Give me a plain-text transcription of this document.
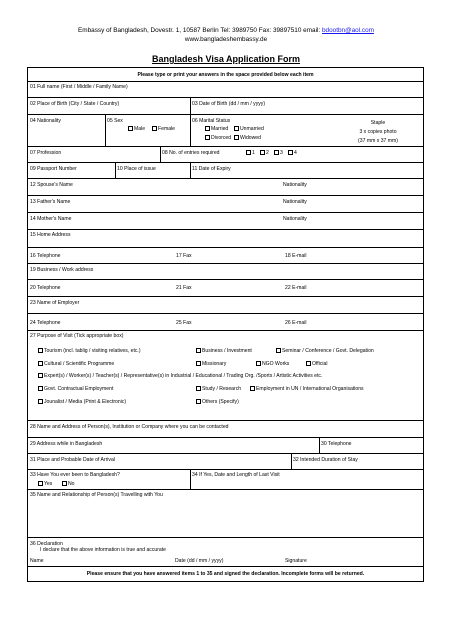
Embassy of Bangladesh, Dovestr. 1, 10587 Berlin Tel: 3989750 Fax: 39897510 email: bdootbn@aol.com
www.bangladeshembassy.de
Bangladesh Visa Application Form
Please type or print your answers in the space provided below each item
01 Full name (First / Middle / Family Name)
02 Place of Birth (City / State / Country)	03 Date of Birth (dd / mm / yyyy)
04 Nationality	05 Sex
Male	Female
06 Marital Status
Married	Unmarried
Divorced	Widowed
Staple
3 x copies photo
(37 mm x 37 mm)
07 Profession	08 No. of entries required	1	2	3	4
09 Passport Number	10 Place of issue	11 Date of Expiry
12 Spouse's Name	Nationality
13 Father's Name	Nationality
14 Mother's Name	Nationality
15 Home Address
16 Telephone	17 Fax	18 E-mail
19 Business / Work address
20 Telephone	21 Fax	22 E-mail
23 Name of Employer
24 Telephone	25 Fax	26 E-mail
27 Purpose of Visit (Tick appropriate box)
Tourism (incl. tablig / visiting relatives, etc.)	Business / Investment	Seminar / Conference / Govt. Delegation
Cultural / Scientific Programme	Missionary	NGO Works	Official
Expert(s) / Worker(s) / Teacher(s) / Representative(s) in Industrial / Educational / Trading Org. /Sports / Artistic Activities etc.
Govt. Contractual Employment	Study / Research	Employment in UN / International Organisations
Jounalist / Media (Print & Electronic)	Others (Specify)
28 Name and Address of Person(s), Institution or Company where you can be contacted
29 Address while in Bangladesh	30 Telephone
31 Place and Probable Date of Arrival	32 Intended Duration of Stay
33 Have You ever been to Bangladesh?
Yes	No
34 If Yes, Date and Length of Last Visit
35 Name and Relationship of Person(s) Travelling with You
36 Declaration
I declare that the above information is true and accurate
Name	Date (dd / mm / yyyy)	Signature
Please ensure that you have answered items 1 to 35 and signed the declaration. Incomplete forms will be returned.
